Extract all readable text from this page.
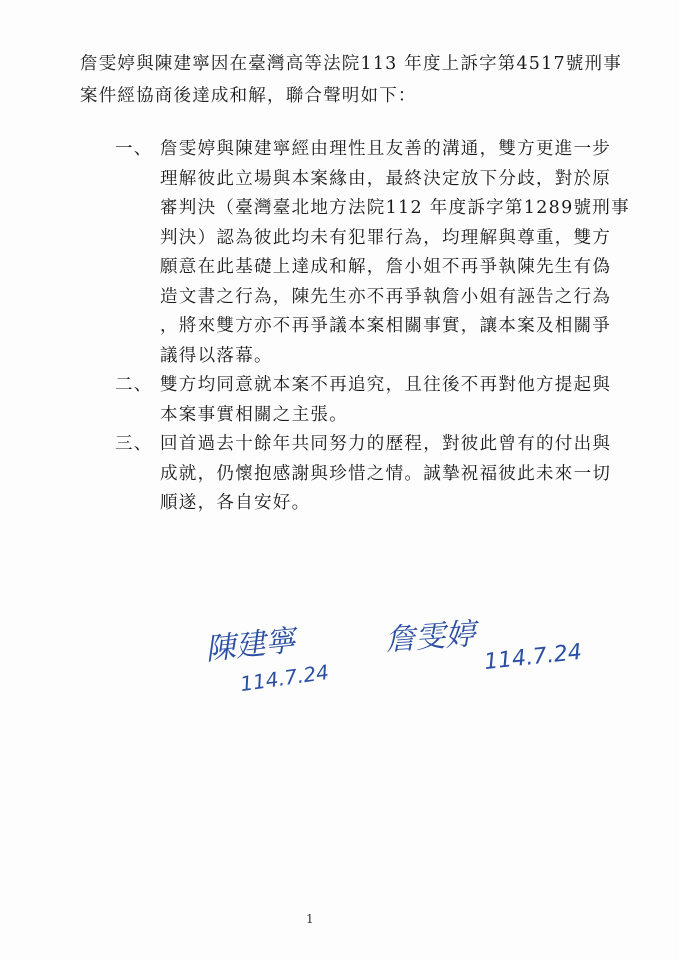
詹雯婷與陳建寧因在臺灣高等法院113 年度上訴字第4517號刑事
案件經協商後達成和解，聯合聲明如下：
一、 詹雯婷與陳建寧經由理性且友善的溝通，雙方更進一步
理解彼此立場與本案緣由，最終決定放下分歧，對於原
審判決（臺灣臺北地方法院112 年度訴字第1289號刑事
判決）認為彼此均未有犯罪行為，均理解與尊重，雙方
願意在此基礎上達成和解，詹小姐不再爭執陳先生有偽
造文書之行為，陳先生亦不再爭執詹小姐有誣告之行為
，將來雙方亦不再爭議本案相關事實，讓本案及相關爭
議得以落幕。
二、 雙方均同意就本案不再追究，且往後不再對他方提起與
本案事實相關之主張。
三、 回首過去十餘年共同努力的歷程，對彼此曾有的付出與
成就，仍懷抱感謝與珍惜之情。誠摯祝福彼此未來一切
順遂，各自安好。
陳建寧
114.7.24
詹雯婷 114.7.24
1
